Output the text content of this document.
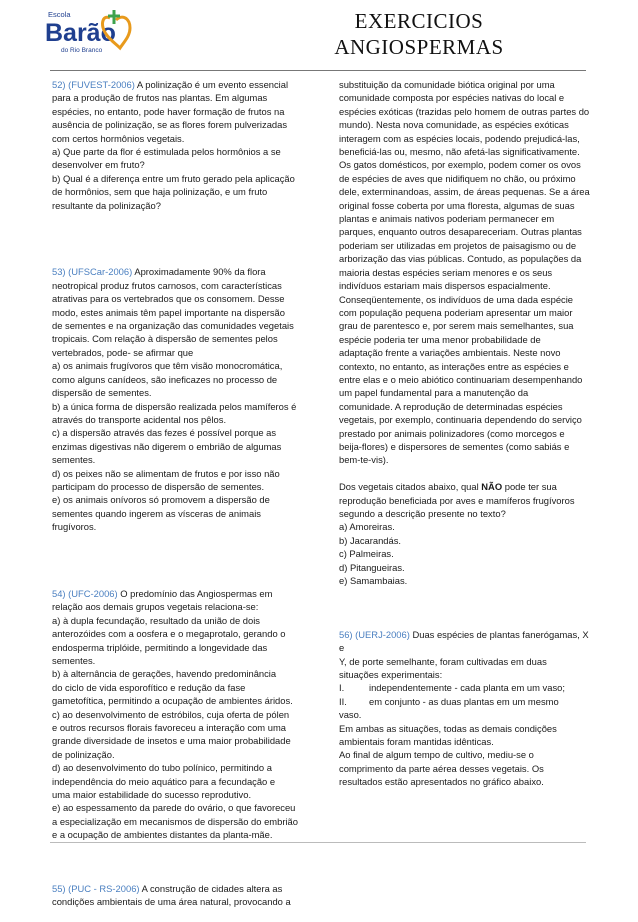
Escola
Barão
do Rio Branco
EXERCICIOS
ANGIOSPERMAS

52) (FUVEST-2006) A polinização é um evento essencial

para a produção de frutos nas plantas. Em algumas

espécies, no entanto, pode haver formação de frutos na

ausência de polinização, se as flores forem pulverizadas

com certos hormônios vegetais.

a) Que parte da flor é estimulada pelos hormônios a se

desenvolver em fruto?

b) Qual é a diferença entre um fruto gerado pela aplicação

de hormônios, sem que haja polinização, e um fruto

resultante da polinização?

53) (UFSCar-2006) Aproximadamente 90% da flora

neotropical produz frutos carnosos, com características

atrativas para os vertebrados que os consomem. Desse

modo, estes animais têm papel importante na dispersão

de sementes e na organização das comunidades vegetais

tropicais. Com relação à dispersão de sementes pelos

vertebrados, pode- se afirmar que

a) os animais frugívoros que têm visão monocromática,

como alguns canídeos, são ineficazes no processo de

dispersão de sementes.

b) a única forma de dispersão realizada pelos mamíferos é

através do transporte acidental nos pêlos.

c) a dispersão através das fezes é possível porque as

enzimas digestivas não digerem o embrião de algumas

sementes.

d) os peixes não se alimentam de frutos e por isso não

participam do processo de dispersão de sementes.

e) os animais onívoros só promovem a dispersão de

sementes quando ingerem as vísceras de animais

frugívoros.

54) (UFC-2006) O predomínio das Angiospermas em

relação aos demais grupos vegetais relaciona-se:

a) à dupla fecundação, resultado da união de dois

anterozóides com a oosfera e o megaprotalo, gerando o

endosperma triplóide, permitindo a longevidade das

sementes.

b) à alternância de gerações, havendo predominância

do ciclo de vida esporofítico e redução da fase

gametofítica, permitindo a ocupação de ambientes áridos.

c) ao desenvolvimento de estróbilos, cuja oferta de pólen

e outros recursos florais favoreceu a interação com uma

grande diversidade de insetos e uma maior probabilidade

de polinização.

d) ao desenvolvimento do tubo polínico, permitindo a

independência do meio aquático para a fecundação e

uma maior estabilidade do sucesso reprodutivo.

e) ao espessamento da parede do ovário, o que favoreceu

a especialização em mecanismos de dispersão do embrião

e a ocupação de ambientes distantes da planta-mãe.

55) (PUC - RS-2006) A construção de cidades altera as

condições ambientais de uma área natural, provocando a

substituição da comunidade biótica original por uma

comunidade composta por espécies nativas do local e

espécies exóticas (trazidas pelo homem de outras partes do

mundo). Nesta nova comunidade, as espécies exóticas

interagem com as espécies locais, podendo prejudicá-las,

beneficiá-las ou, mesmo, não afetá-las significativamente.

Os gatos domésticos, por exemplo, podem comer os ovos

de espécies de aves que nidifiquem no chão, ou próximo

dele, exterminandoas, assim, de áreas pequenas. Se a área

original fosse coberta por uma floresta, algumas de suas

plantas e animais nativos poderiam permanecer em

parques, enquanto outros desapareceriam. Outras plantas

poderiam ser utilizadas em projetos de paisagismo ou de

arborização das vias públicas. Contudo, as populações da

maioria destas espécies seriam menores e os seus

indivíduos estariam mais dispersos espacialmente.

Conseqüentemente, os indivíduos de uma dada espécie

com população pequena poderiam apresentar um maior

grau de parentesco e, por serem mais semelhantes, sua

espécie poderia ter uma menor probabilidade de

adaptação frente a variações ambientais. Neste novo

contexto, no entanto, as interações entre as espécies e

entre elas e o meio abiótico continuariam desempenhando

um papel fundamental para a manutenção da

comunidade. A reprodução de determinadas espécies

vegetais, por exemplo, continuaria dependendo do serviço

prestado por animais polinizadores (como morcegos e

beija-flores) e dispersores de sementes (como sabiás e

bem-te-vis).

Dos vegetais citados abaixo, qual NÃO pode ter sua

reprodução beneficiada por aves e mamíferos frugívoros

segundo a descrição presente no texto?

a) Amoreiras.

b) Jacarandás.

c) Palmeiras.

d) Pitangueiras.

e) Samambaias.

56) (UERJ-2006) Duas espécies de plantas fanerógamas, X e

Y, de porte semelhante, foram cultivadas em duas

situações experimentais:

I.	independentemente - cada planta em um vaso;

II.	em conjunto - as duas plantas em um mesmo

vaso.

Em ambas as situações, todas as demais condições

ambientais foram mantidas idênticas.

Ao final de algum tempo de cultivo, mediu-se o

comprimento da parte aérea desses vegetais. Os

resultados estão apresentados no gráfico abaixo.
